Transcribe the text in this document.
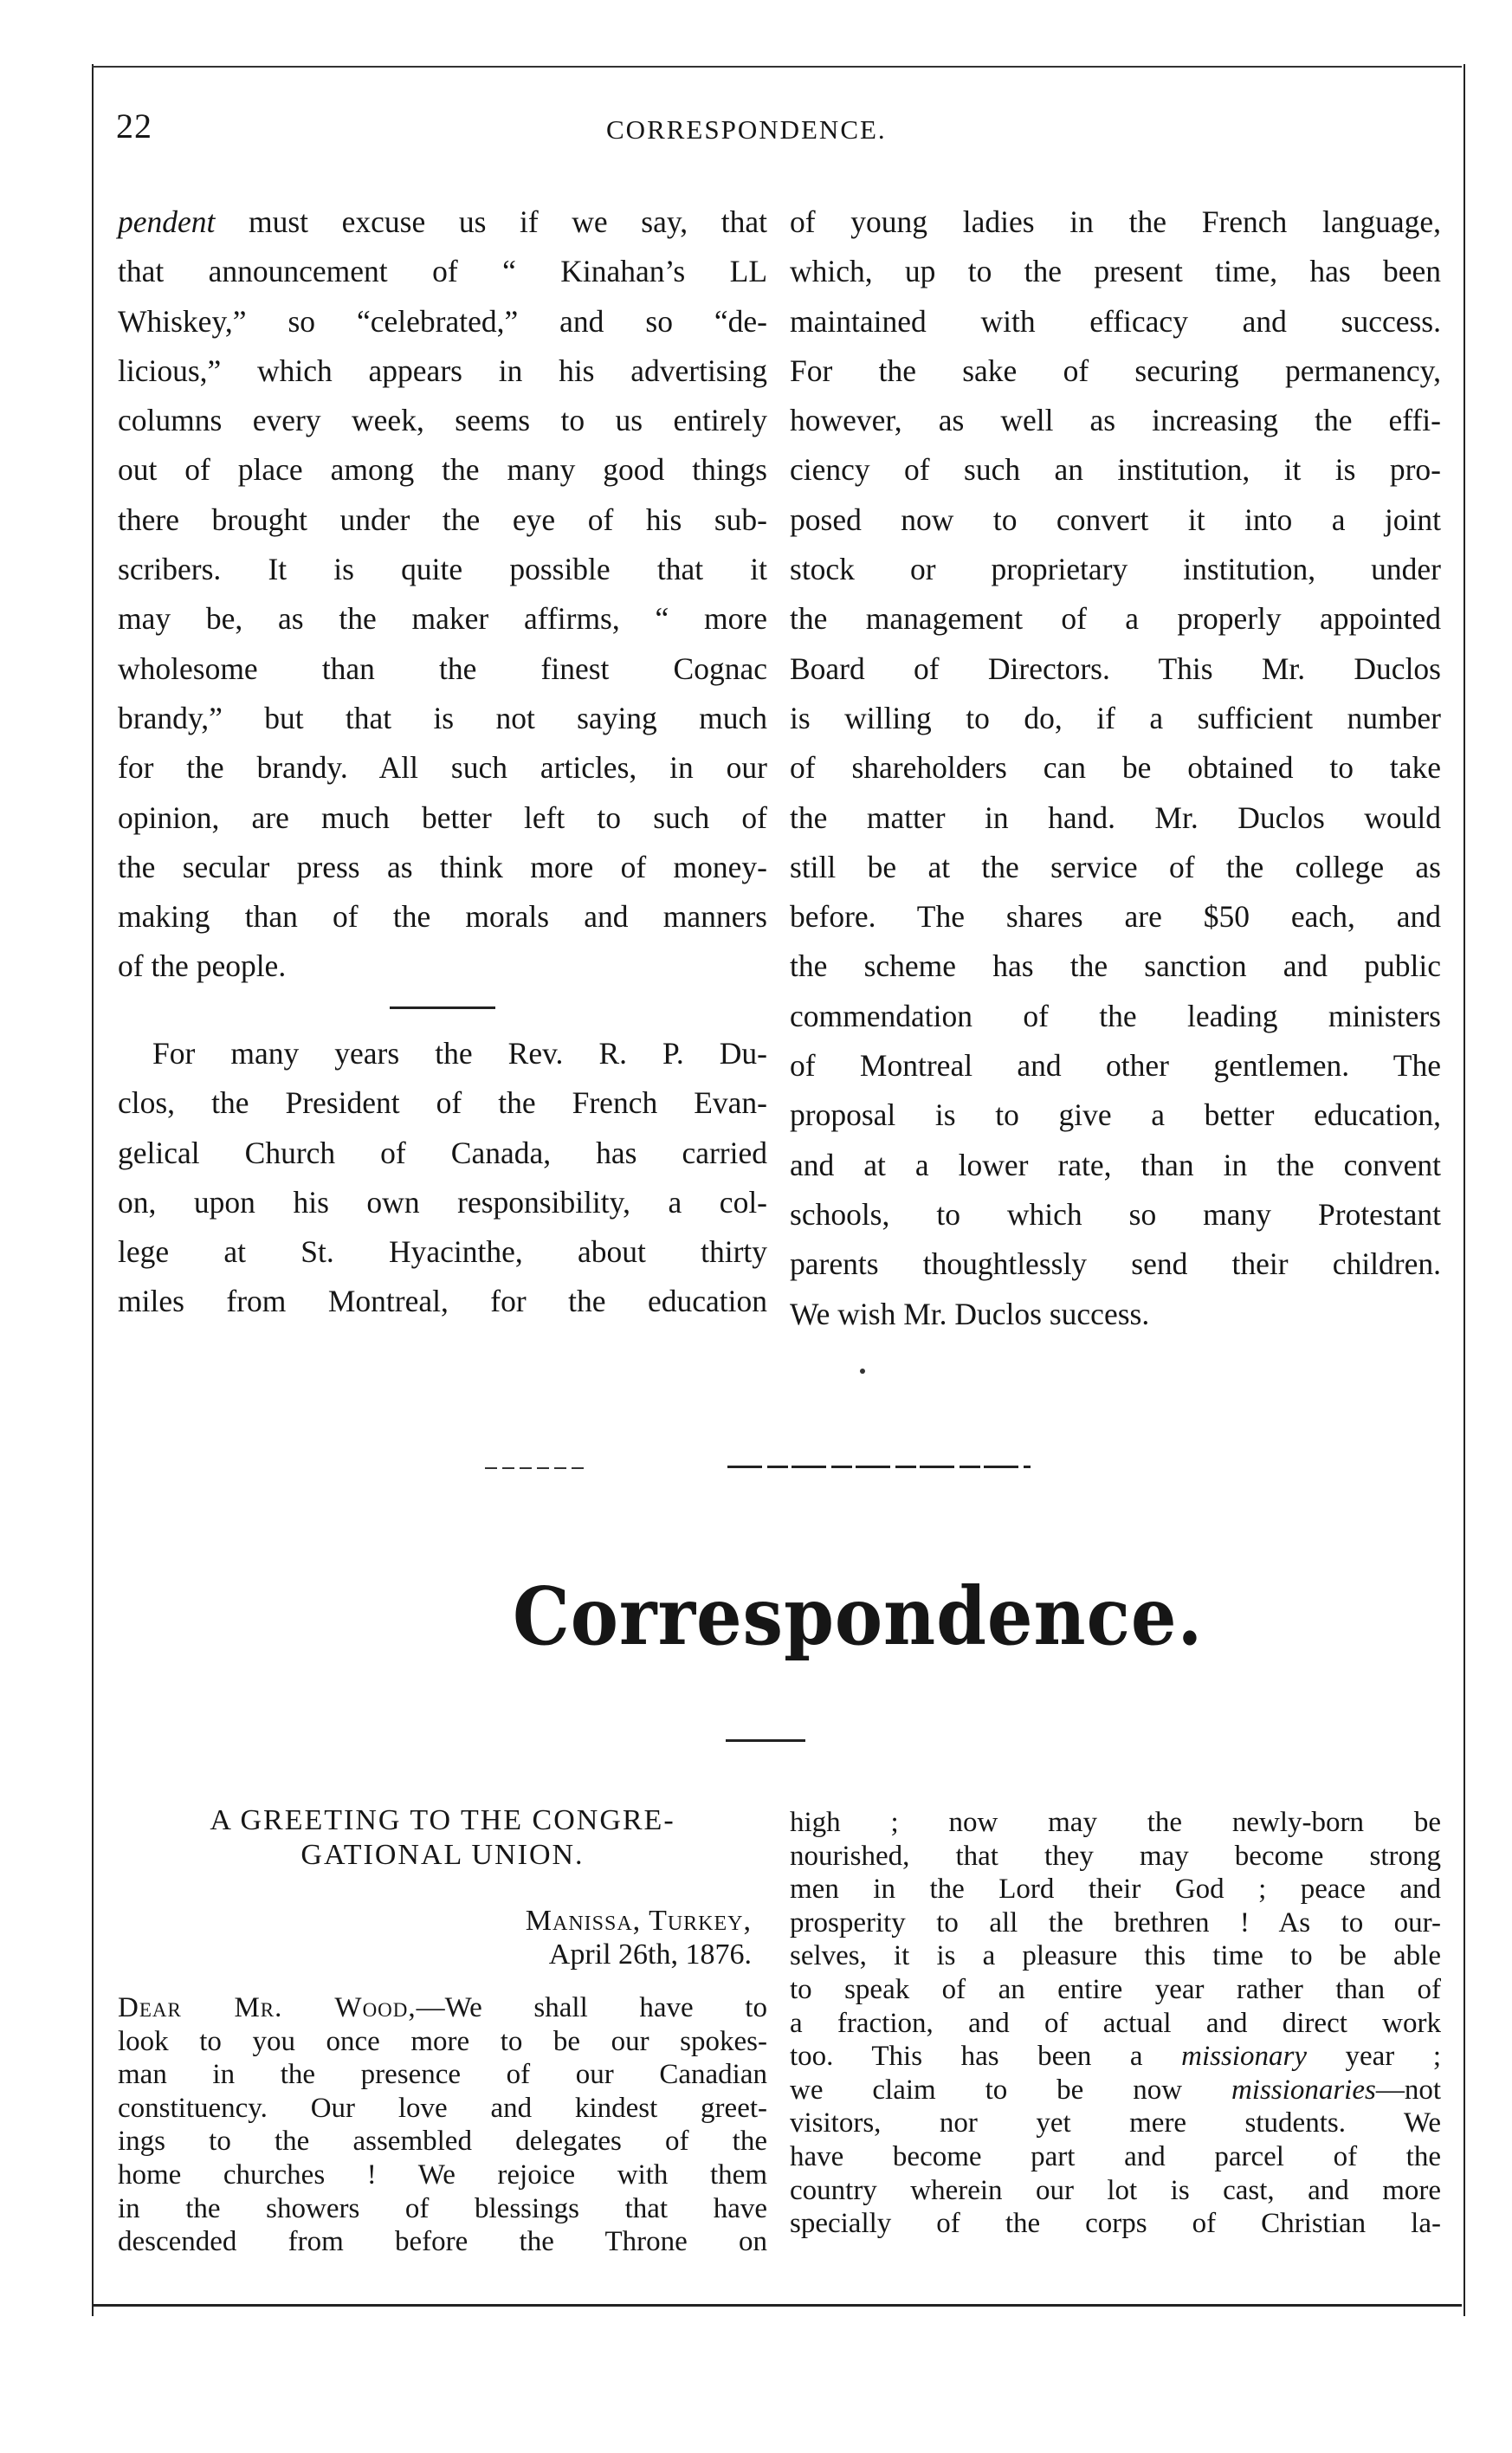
22	CORRESPONDENCE.
pendent must excuse us if we say, that
that announcement of “ Kinahan’s LL
Whiskey,” so “celebrated,” and so “de-
licious,” which appears in his advertising
columns every week, seems to us entirely
out of place among the many good things
there brought under the eye of his sub-
scribers. It is quite possible that it
may be, as the maker affirms, “ more
wholesome than the finest Cognac
brandy,” but that is not saying much
for the brandy. All such articles, in our
opinion, are much better left to such of
the secular press as think more of money-
making than of the morals and manners
of the people.
For many years the Rev. R. P. Du-
clos, the President of the French Evan-
gelical Church of Canada, has carried
on, upon his own responsibility, a col-
lege at St. Hyacinthe, about thirty
miles from Montreal, for the education
of young ladies in the French language,
which, up to the present time, has been
maintained with efficacy and success.
For the sake of securing permanency,
however, as well as increasing the effi-
ciency of such an institution, it is pro-
posed now to convert it into a joint
stock or proprietary institution, under
the management of a properly appointed
Board of Directors. This Mr. Duclos
is willing to do, if a sufficient number
of shareholders can be obtained to take
the matter in hand. Mr. Duclos would
still be at the service of the college as
before. The shares are $50 each, and
the scheme has the sanction and public
commendation of the leading ministers
of Montreal and other gentlemen. The
proposal is to give a better education,
and at a lower rate, than in the convent
schools, to which so many Protestant
parents thoughtlessly send their children.
We wish Mr. Duclos success.
Correspondence.
A GREETING TO THE CONGRE-
GATIONAL UNION.
Manissa, Turkey,
April 26th, 1876.
Dear Mr. Wood,—We shall have to
look to you once more to be our spokes-
man in the presence of our Canadian
constituency. Our love and kindest greet-
ings to the assembled delegates of the
home churches ! We rejoice with them
in the showers of blessings that have
descended from before the Throne on
high ; now may the newly-born be
nourished, that they may become strong
men in the Lord their God ; peace and
prosperity to all the brethren ! As to our-
selves, it is a pleasure this time to be able
to speak of an entire year rather than of
a fraction, and of actual and direct work
too. This has been a missionary year ;
we claim to be now missionaries—not
visitors, nor yet mere students. We
have become part and parcel of the
country wherein our lot is cast, and more
specially of the corps of Christian la-
